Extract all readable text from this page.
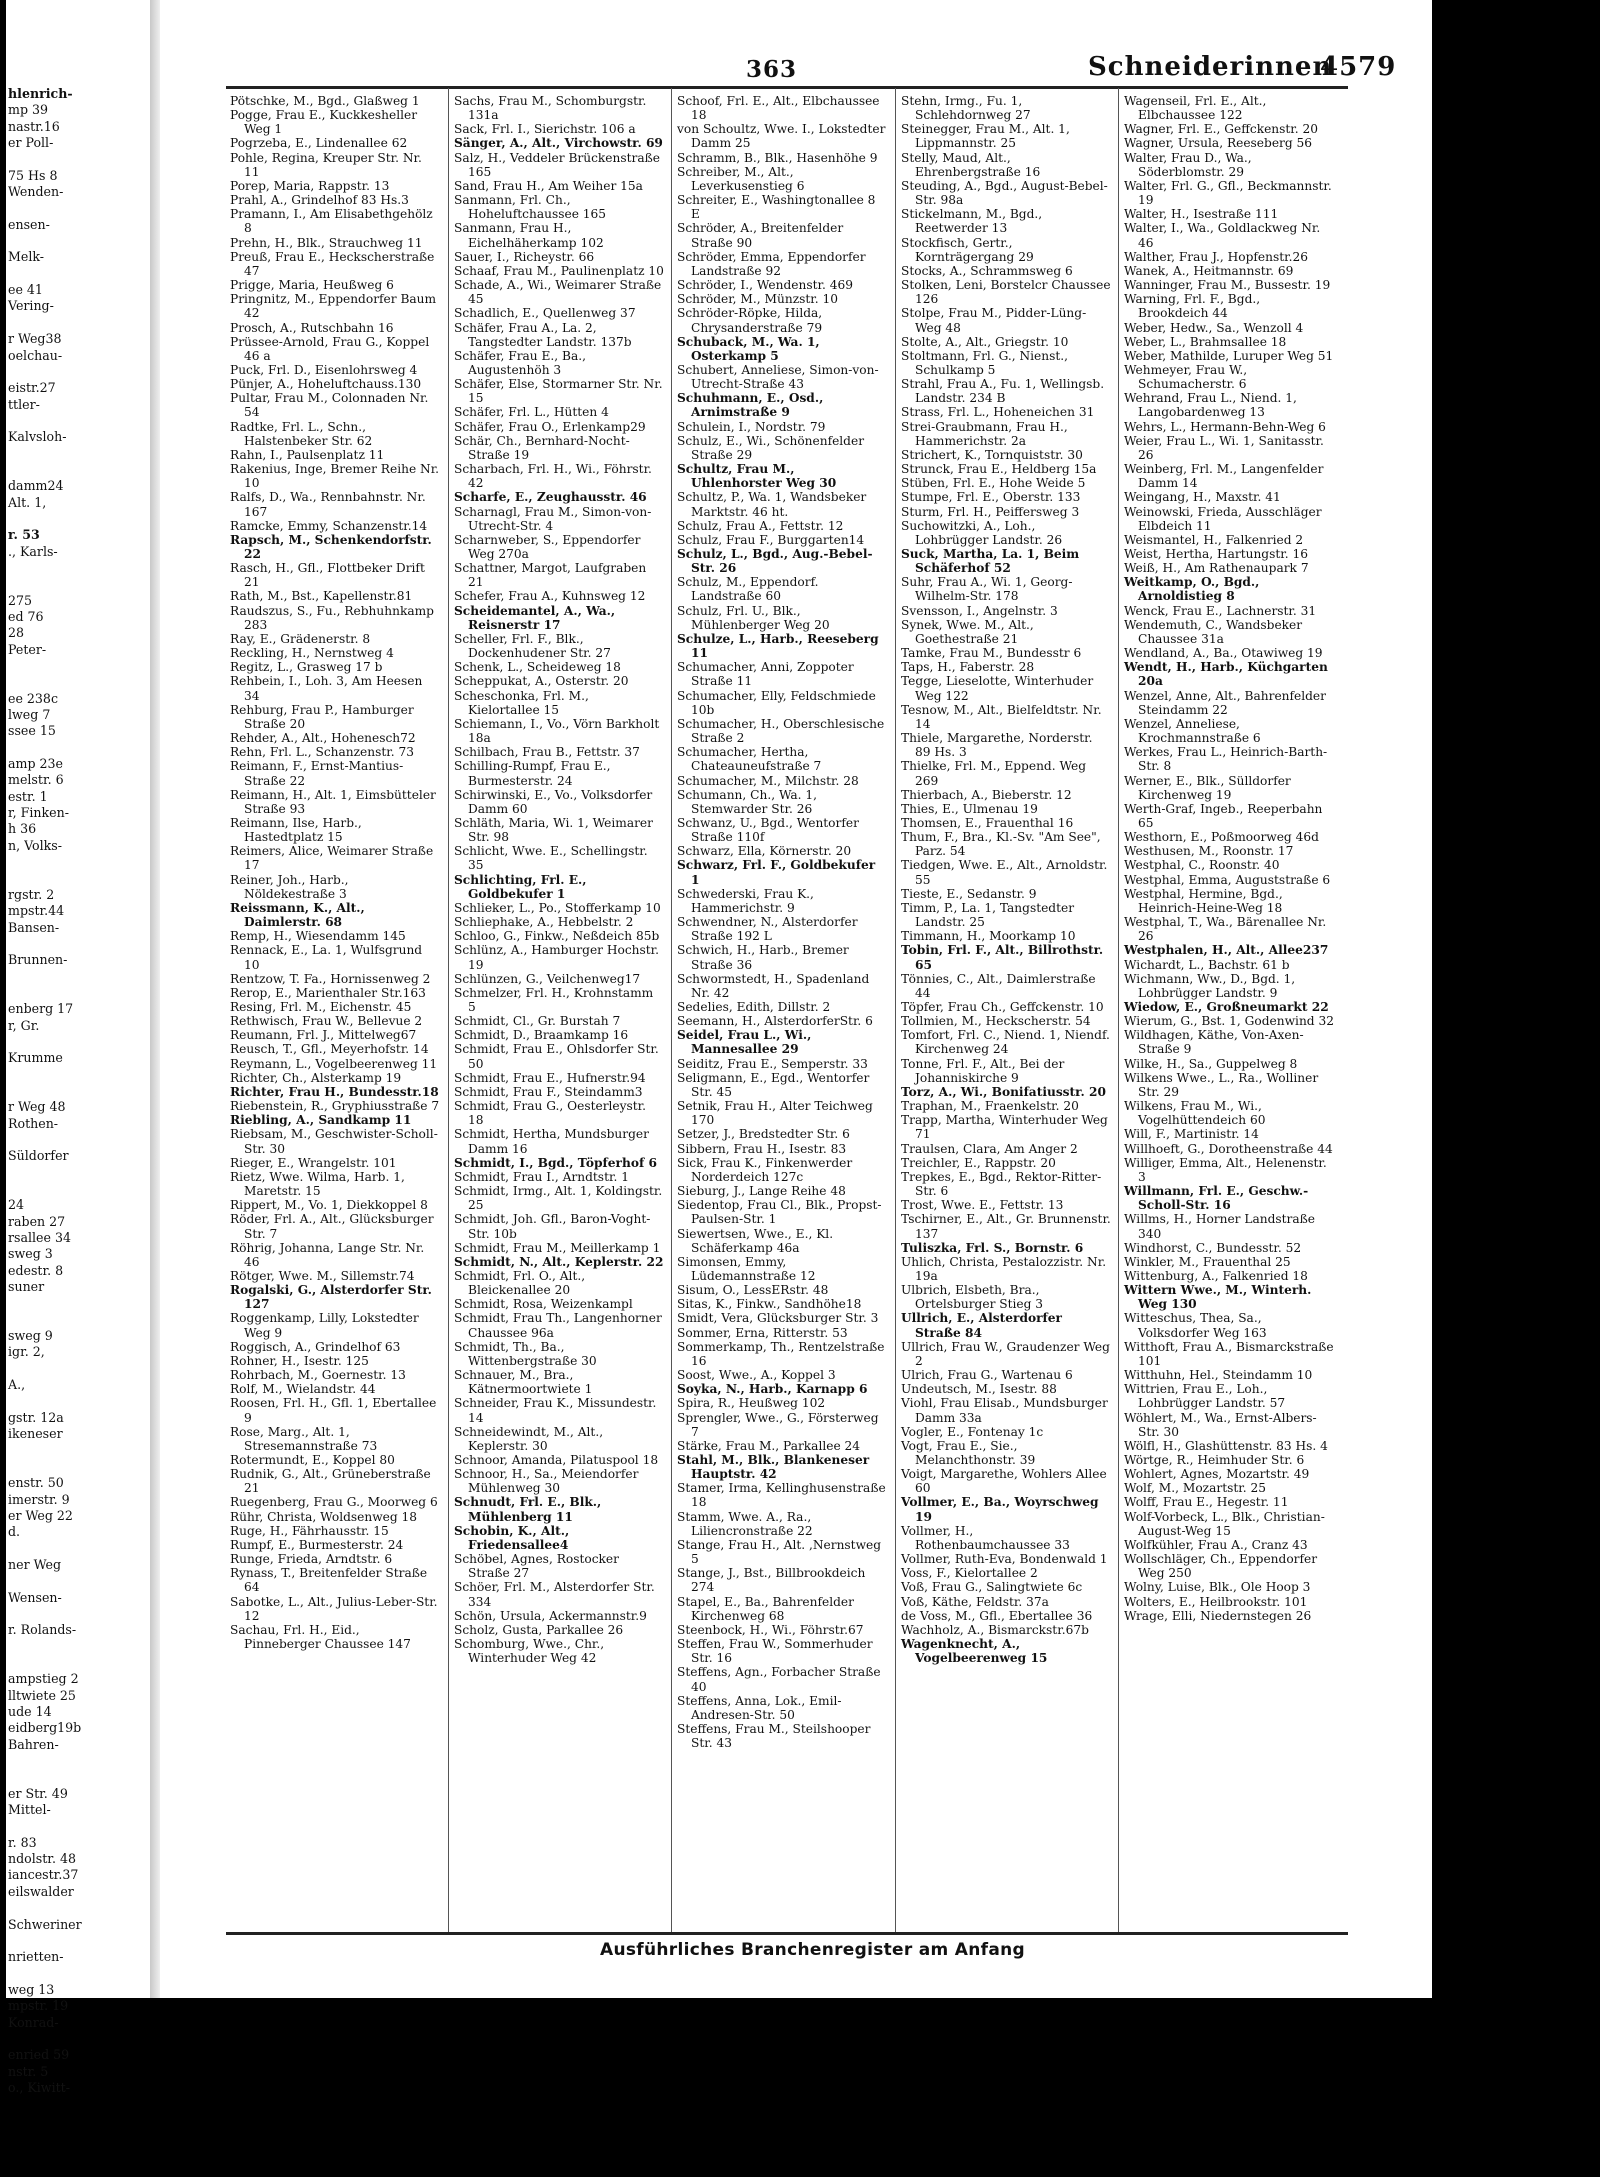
hlenrich-
mp 39
nastr.16
er Poll-

75 Hs 8
Wenden-

ensen-

Melk-

ee 41
Vering-

r Weg38
oelchau-

eistr.27
ttler-

Kalvsloh-

damm24
Alt. 1,

r. 53
., Karls-

275
ed 76
28
Peter-

ee 238c
lweg 7
ssee 15

amp 23e
melstr. 6
estr. 1
r, Finken-
h 36
n, Volks-

rgstr. 2
mpstr.44
Bansen-

Brunnen-

enberg 17
r, Gr.

Krumme

r Weg 48
Rothen-

Süldorfer

24
raben 27
rsallee 34
sweg 3
edestr. 8
suner

sweg 9
igr. 2,

A.,

gstr. 12a
ikeneser

enstr. 50
imerstr. 9
er Weg 22
d.

ner Weg

Wensen-

r. Rolands-

ampstieg 2
lltwiete 25
ude 14
eidberg19b
Bahren-

er Str. 49
Mittel-

r. 83
ndolstr. 48
iancestr.37
eilswalder

Schweriner

nrietten-

weg 13
mpstr. 19
Konrad-

enried 59
nstr. 5
o., Kiwitt-
363	Schneiderinnen
4579
Pötschke, M., Bgd., Glaßweg 1
Pogge, Frau E., Kuckkesheller Weg 1
Pogrzeba, E., Lindenallee 62
Pohle, Regina, Kreuper Str. Nr. 11
Porep, Maria, Rappstr. 13
Prahl, A., Grindelhof 83 Hs.3
Pramann, I., Am Elisabethgehölz 8
Prehn, H., Blk., Strauchweg 11
Preuß, Frau E., Heckscherstraße 47
Prigge, Maria, Heußweg 6
Pringnitz, M., Eppendorfer Baum 42
Prosch, A., Rutschbahn 16
Prüssee-Arnold, Frau G., Koppel 46 a
Puck, Frl. D., Eisenlohrsweg 4
Pünjer, A., Hoheluftchauss.130
Pultar, Frau M., Colonnaden Nr. 54
Radtke, Frl. L., Schn., Halstenbeker Str. 62
Rahn, I., Paulsenplatz 11
Rakenius, Inge, Bremer Reihe Nr. 10
Ralfs, D., Wa., Rennbahnstr. Nr. 167
Ramcke, Emmy, Schanzenstr.14
Rapsch, M., Schenkendorfstr. 22
Rasch, H., Gfl., Flottbeker Drift 21
Rath, M., Bst., Kapellenstr.81
Raudszus, S., Fu., Rebhuhnkamp 283
Ray, E., Grädenerstr. 8
Reckling, H., Nernstweg 4
Regitz, L., Grasweg 17 b
Rehbein, I., Loh. 3, Am Heesen 34
Rehburg, Frau P., Hamburger Straße 20
Rehder, A., Alt., Hohenesch72
Rehn, Frl. L., Schanzenstr. 73
Reimann, F., Ernst-Mantius-Straße 22
Reimann, H., Alt. 1, Eimsbütteler Straße 93
Reimann, Ilse, Harb., Hastedtplatz 15
Reimers, Alice, Weimarer Straße 17
Reiner, Joh., Harb., Nöldekestraße 3
Reissmann, K., Alt., Daimlerstr. 68
Remp, H., Wiesendamm 145
Rennack, E., La. 1, Wulfsgrund 10
Rentzow, T. Fa., Hornissenweg 2
Rerop, E., Marienthaler Str.163
Resing, Frl. M., Eichenstr. 45
Rethwisch, Frau W., Bellevue 2
Reumann, Frl. J., Mittelweg67
Reusch, T., Gfl., Meyerhofstr. 14
Reymann, L., Vogelbeerenweg 11
Richter, Ch., Alsterkamp 19
Richter, Frau H., Bundesstr.18
Riebenstein, R., Gryphiusstraße 7
Riebling, A., Sandkamp 11
Riebsam, M., Geschwister-Scholl-Str. 30
Rieger, E., Wrangelstr. 101
Rietz, Wwe. Wilma, Harb. 1, Maretstr. 15
Rippert, M., Vo. 1, Diekkoppel 8
Röder, Frl. A., Alt., Glücksburger Str. 7
Röhrig, Johanna, Lange Str. Nr. 46
Rötger, Wwe. M., Sillemstr.74
Rogalski, G., Alsterdorfer Str. 127
Roggenkamp, Lilly, Lokstedter Weg 9
Roggisch, A., Grindelhof 63
Rohner, H., Isestr. 125
Rohrbach, M., Goernestr. 13
Rolf, M., Wielandstr. 44
Roosen, Frl. H., Gfl. 1, Ebertallee 9
Rose, Marg., Alt. 1, Stresemannstraße 73
Rotermundt, E., Koppel 80
Rudnik, G., Alt., Grüneberstraße 21
Ruegenberg, Frau G., Moorweg 6
Rühr, Christa, Woldsenweg 18
Ruge, H., Fährhausstr. 15
Rumpf, E., Burmesterstr. 24
Runge, Frieda, Arndtstr. 6
Rynass, T., Breitenfelder Straße 64
Sabotke, L., Alt., Julius-Leber-Str. 12
Sachau, Frl. H., Eid., Pinneberger Chaussee 147
Sachs, Frau M., Schomburgstr. 131a
Sack, Frl. I., Sierichstr. 106 a
Sänger, A., Alt., Virchowstr. 69
Salz, H., Veddeler Brückenstraße 165
Sand, Frau H., Am Weiher 15a
Sanmann, Frl. Ch., Hoheluftchaussee 165
Sanmann, Frau H., Eichelhäherkamp 102
Sauer, I., Richeystr. 66
Schaaf, Frau M., Paulinenplatz 10
Schade, A., Wi., Weimarer Straße 45
Schadlich, E., Quellenweg 37
Schäfer, Frau A., La. 2, Tangstedter Landstr. 137b
Schäfer, Frau E., Ba., Augustenhöh 3
Schäfer, Else, Stormarner Str. Nr. 15
Schäfer, Frl. L., Hütten 4
Schäfer, Frau O., Erlenkamp29
Schär, Ch., Bernhard-Nocht-Straße 19
Scharbach, Frl. H., Wi., Föhrstr. 42
Scharfe, E., Zeughausstr. 46
Scharnagl, Frau M., Simon-von-Utrecht-Str. 4
Scharnweber, S., Eppendorfer Weg 270a
Schattner, Margot, Laufgraben 21
Schefer, Frau A., Kuhnsweg 12
Scheidemantel, A., Wa., Reisnerstr 17
Scheller, Frl. F., Blk., Dockenhudener Str. 27
Schenk, L., Scheideweg 18
Scheppukat, A., Osterstr. 20
Scheschonka, Frl. M., Kielortallee 15
Schiemann, I., Vo., Vörn Barkholt 18a
Schilbach, Frau B., Fettstr. 37
Schilling-Rumpf, Frau E., Burmesterstr. 24
Schirwinski, E., Vo., Volksdorfer Damm 60
Schläth, Maria, Wi. 1, Weimarer Str. 98
Schlicht, Wwe. E., Schellingstr. 35
Schlichting, Frl. E., Goldbekufer 1
Schlieker, L., Po., Stofferkamp 10
Schliephake, A., Hebbelstr. 2
Schloo, G., Finkw., Neßdeich 85b
Schlünz, A., Hamburger Hochstr. 19
Schlünzen, G., Veilchenweg17
Schmelzer, Frl. H., Krohnstamm 5
Schmidt, Cl., Gr. Burstah 7
Schmidt, D., Braamkamp 16
Schmidt, Frau E., Ohlsdorfer Str. 50
Schmidt, Frau E., Hufnerstr.94
Schmidt, Frau F., Steindamm3
Schmidt, Frau G., Oesterleystr. 18
Schmidt, Hertha, Mundsburger Damm 16
Schmidt, I., Bgd., Töpferhof 6
Schmidt, Frau I., Arndtstr. 1
Schmidt, Irmg., Alt. 1, Koldingstr. 25
Schmidt, Joh. Gfl., Baron-Voght-Str. 10b
Schmidt, Frau M., Meillerkamp 1
Schmidt, N., Alt., Keplerstr. 22
Schmidt, Frl. O., Alt., Bleickenallee 20
Schmidt, Rosa, Weizenkampl
Schmidt, Frau Th., Langenhorner Chaussee 96a
Schmidt, Th., Ba., Wittenbergstraße 30
Schnauer, M., Bra., Kätnermoortwiete 1
Schneider, Frau K., Missundestr. 14
Schneidewindt, M., Alt., Keplerstr. 30
Schnoor, Amanda, Pilatuspool 18
Schnoor, H., Sa., Meiendorfer Mühlenweg 30
Schnudt, Frl. E., Blk., Mühlenberg 11
Schobin, K., Alt., Friedensallee4
Schöbel, Agnes, Rostocker Straße 27
Schöer, Frl. M., Alsterdorfer Str. 334
Schön, Ursula, Ackermannstr.9
Scholz, Gusta, Parkallee 26
Schomburg, Wwe., Chr., Winterhuder Weg 42
Schoof, Frl. E., Alt., Elbchaussee 18
von Schoultz, Wwe. I., Lokstedter Damm 25
Schramm, B., Blk., Hasenhöhe 9
Schreiber, M., Alt., Leverkusenstieg 6
Schreiter, E., Washingtonallee 8 E
Schröder, A., Breitenfelder Straße 90
Schröder, Emma, Eppendorfer Landstraße 92
Schröder, I., Wendenstr. 469
Schröder, M., Münzstr. 10
Schröder-Röpke, Hilda, Chrysanderstraße 79
Schuback, M., Wa. 1, Osterkamp 5
Schubert, Anneliese, Simon-von-Utrecht-Straße 43
Schuhmann, E., Osd., Arnimstraße 9
Schulein, I., Nordstr. 79
Schulz, E., Wi., Schönenfelder Straße 29
Schultz, Frau M., Uhlenhorster Weg 30
Schultz, P., Wa. 1, Wandsbeker Marktstr. 46 ht.
Schulz, Frau A., Fettstr. 12
Schulz, Frau F., Burggarten14
Schulz, L., Bgd., Aug.-Bebel-Str. 26
Schulz, M., Eppendorf. Landstraße 60
Schulz, Frl. U., Blk., Mühlenberger Weg 20
Schulze, L., Harb., Reeseberg 11
Schumacher, Anni, Zoppoter Straße 11
Schumacher, Elly, Feldschmiede 10b
Schumacher, H., Oberschlesische Straße 2
Schumacher, Hertha, Chateauneufstraße 7
Schumacher, M., Milchstr. 28
Schumann, Ch., Wa. 1, Stemwarder Str. 26
Schwanz, U., Bgd., Wentorfer Straße 110f
Schwarz, Ella, Körnerstr. 20
Schwarz, Frl. F., Goldbekufer 1
Schwederski, Frau K., Hammerichstr. 9
Schwendner, N., Alsterdorfer Straße 192 L
Schwich, H., Harb., Bremer Straße 36
Schwormstedt, H., Spadenland Nr. 42
Sedelies, Edith, Dillstr. 2
Seemann, H., AlsterdorferStr. 6
Seidel, Frau L., Wi., Mannesallee 29
Seiditz, Frau E., Semperstr. 33
Seligmann, E., Egd., Wentorfer Str. 45
Setnik, Frau H., Alter Teichweg 170
Setzer, J., Bredstedter Str. 6
Sibbern, Frau H., Isestr. 83
Sick, Frau K., Finkenwerder Norderdeich 127c
Sieburg, J., Lange Reihe 48
Siedentop, Frau Cl., Blk., Propst-Paulsen-Str. 1
Siewertsen, Wwe., E., Kl. Schäferkamp 46a
Simonsen, Emmy, Lüdemannstraße 12
Sisum, O., LessERstr. 48
Sitas, K., Finkw., Sandhöhe18
Smidt, Vera, Glücksburger Str. 3
Sommer, Erna, Ritterstr. 53
Sommerkamp, Th., Rentzelstraße 16
Soost, Wwe., A., Koppel 3
Soyka, N., Harb., Karnapp 6
Spira, R., Heußweg 102
Sprengler, Wwe., G., Försterweg 7
Stärke, Frau M., Parkallee 24
Stahl, M., Blk., Blankeneser Hauptstr. 42
Stamer, Irma, Kellinghusenstraße 18
Stamm, Wwe. A., Ra., Liliencronstraße 22
Stange, Frau H., Alt. ,Nernstweg 5
Stange, J., Bst., Billbrookdeich 274
Stapel, E., Ba., Bahrenfelder Kirchenweg 68
Steenbock, H., Wi., Föhrstr.67
Steffen, Frau W., Sommerhuder Str. 16
Steffens, Agn., Forbacher Straße 40
Steffens, Anna, Lok., Emil-Andresen-Str. 50
Steffens, Frau M., Steilshooper Str. 43
Stehn, Irmg., Fu. 1, Schlehdornweg 27
Steinegger, Frau M., Alt. 1, Lippmannstr. 25
Stelly, Maud, Alt., Ehrenbergstraße 16
Steuding, A., Bgd., August-Bebel-Str. 98a
Stickelmann, M., Bgd., Reetwerder 13
Stockfisch, Gertr., Kornträgergang 29
Stocks, A., Schrammsweg 6
Stolken, Leni, Borstelcr Chaussee 126
Stolpe, Frau M., Pidder-Lüng-Weg 48
Stolte, A., Alt., Griegstr. 10
Stoltmann, Frl. G., Nienst., Schulkamp 5
Strahl, Frau A., Fu. 1, Wellingsb. Landstr. 234 B
Strass, Frl. L., Hoheneichen 31
Strei-Graubmann, Frau H., Hammerichstr. 2a
Strichert, K., Tornquiststr. 30
Strunck, Frau E., Heldberg 15a
Stüben, Frl. E., Hohe Weide 5
Stumpe, Frl. E., Oberstr. 133
Sturm, Frl. H., Peiffersweg 3
Suchowitzki, A., Loh., Lohbrügger Landstr. 26
Suck, Martha, La. 1, Beim Schäferhof 52
Suhr, Frau A., Wi. 1, Georg-Wilhelm-Str. 178
Svensson, I., Angelnstr. 3
Synek, Wwe. M., Alt., Goethestraße 21
Tamke, Frau M., Bundesstr 6
Taps, H., Faberstr. 28
Tegge, Lieselotte, Winterhuder Weg 122
Tesnow, M., Alt., Bielfeldtstr. Nr. 14
Thiele, Margarethe, Norderstr. 89 Hs. 3
Thielke, Frl. M., Eppend. Weg 269
Thierbach, A., Bieberstr. 12
Thies, E., Ulmenau 19
Thomsen, E., Frauenthal 16
Thum, F., Bra., Kl.-Sv. "Am See", Parz. 54
Tiedgen, Wwe. E., Alt., Arnoldstr. 55
Tieste, E., Sedanstr. 9
Timm, P., La. 1, Tangstedter Landstr. 25
Timmann, H., Moorkamp 10
Tobin, Frl. F., Alt., Billrothstr. 65
Tönnies, C., Alt., Daimlerstraße 44
Töpfer, Frau Ch., Geffckenstr. 10
Tollmien, M., Heckscherstr. 54
Tomfort, Frl. C., Niend. 1, Niendf. Kirchenweg 24
Tonne, Frl. F., Alt., Bei der Johanniskirche 9
Torz, A., Wi., Bonifatiusstr. 20
Traphan, M., Fraenkelstr. 20
Trapp, Martha, Winterhuder Weg 71
Traulsen, Clara, Am Anger 2
Treichler, E., Rappstr. 20
Trepkes, E., Bgd., Rektor-Ritter-Str. 6
Trost, Wwe. E., Fettstr. 13
Tschirner, E., Alt., Gr. Brunnenstr. 137
Tuliszka, Frl. S., Bornstr. 6
Uhlich, Christa, Pestalozzistr. Nr. 19a
Ulbrich, Elsbeth, Bra., Ortelsburger Stieg 3
Ullrich, E., Alsterdorfer Straße 84
Ullrich, Frau W., Graudenzer Weg 2
Ulrich, Frau G., Wartenau 6
Undeutsch, M., Isestr. 88
Viohl, Frau Elisab., Mundsburger Damm 33a
Vogler, E., Fontenay 1c
Vogt, Frau E., Sie., Melanchthonstr. 39
Voigt, Margarethe, Wohlers Allee 60
Vollmer, E., Ba., Woyrschweg 19
Vollmer, H., Rothenbaumchaussee 33
Vollmer, Ruth-Eva, Bondenwald 1
Voss, F., Kielortallee 2
Voß, Frau G., Salingtwiete 6c
Voß, Käthe, Feldstr. 37a
de Voss, M., Gfl., Ebertallee 36
Wachholz, A., Bismarckstr.67b
Wagenknecht, A., Vogelbeerenweg 15
Wagenseil, Frl. E., Alt., Elbchaussee 122
Wagner, Frl. E., Geffckenstr. 20
Wagner, Ursula, Reeseberg 56
Walter, Frau D., Wa., Söderblomstr. 29
Walter, Frl. G., Gfl., Beckmannstr. 19
Walter, H., Isestraße 111
Walter, I., Wa., Goldlackweg Nr. 46
Walther, Frau J., Hopfenstr.26
Wanek, A., Heitmannstr. 69
Wanninger, Frau M., Bussestr. 19
Warning, Frl. F., Bgd., Brookdeich 44
Weber, Hedw., Sa., Wenzoll 4
Weber, L., Brahmsallee 18
Weber, Mathilde, Luruper Weg 51
Wehmeyer, Frau W., Schumacherstr. 6
Wehrand, Frau L., Niend. 1, Langobardenweg 13
Wehrs, L., Hermann-Behn-Weg 6
Weier, Frau L., Wi. 1, Sanitasstr. 26
Weinberg, Frl. M., Langenfelder Damm 14
Weingang, H., Maxstr. 41
Weinowski, Frieda, Ausschläger Elbdeich 11
Weismantel, H., Falkenried 2
Weist, Hertha, Hartungstr. 16
Weiß, H., Am Rathenaupark 7
Weitkamp, O., Bgd., Arnoldistieg 8
Wenck, Frau E., Lachnerstr. 31
Wendemuth, C., Wandsbeker Chaussee 31a
Wendland, A., Ba., Otawiweg 19
Wendt, H., Harb., Küchgarten 20a
Wenzel, Anne, Alt., Bahrenfelder Steindamm 22
Wenzel, Anneliese, Krochmannstraße 6
Werkes, Frau L., Heinrich-Barth-Str. 8
Werner, E., Blk., Sülldorfer Kirchenweg 19
Werth-Graf, Ingeb., Reeperbahn 65
Westhorn, E., Poßmoorweg 46d
Westhusen, M., Roonstr. 17
Westphal, C., Roonstr. 40
Westphal, Emma, Auguststraße 6
Westphal, Hermine, Bgd., Heinrich-Heine-Weg 18
Westphal, T., Wa., Bärenallee Nr. 26
Westphalen, H., Alt., Allee237
Wichardt, L., Bachstr. 61 b
Wichmann, Ww., D., Bgd. 1, Lohbrügger Landstr. 9
Wiedow, E., Großneumarkt 22
Wierum, G., Bst. 1, Godenwind 32
Wildhagen, Käthe, Von-Axen-Straße 9
Wilke, H., Sa., Guppelweg 8
Wilkens Wwe., L., Ra., Wolliner Str. 29
Wilkens, Frau M., Wi., Vogelhüttendeich 60
Will, F., Martinistr. 14
Willhoeft, G., Dorotheenstraße 44
Williger, Emma, Alt., Helenenstr. 3
Willmann, Frl. E., Geschw.-Scholl-Str. 16
Willms, H., Horner Landstraße 340
Windhorst, C., Bundesstr. 52
Winkler, M., Frauenthal 25
Wittenburg, A., Falkenried 18
Wittern Wwe., M., Winterh. Weg 130
Witteschus, Thea, Sa., Volksdorfer Weg 163
Witthoft, Frau A., Bismarckstraße 101
Witthuhn, Hel., Steindamm 10
Wittrien, Frau E., Loh., Lohbrügger Landstr. 57
Wöhlert, M., Wa., Ernst-Albers-Str. 30
Wölfl, H., Glashüttenstr. 83 Hs. 4
Wörtge, R., Heimhuder Str. 6
Wohlert, Agnes, Mozartstr. 49
Wolf, M., Mozartstr. 25
Wolff, Frau E., Hegestr. 11
Wolf-Vorbeck, L., Blk., Christian-August-Weg 15
Wolfkühler, Frau A., Cranz 43
Wollschläger, Ch., Eppendorfer Weg 250
Wolny, Luise, Blk., Ole Hoop 3
Wolters, E., Heilbrookstr. 101
Wrage, Elli, Niedernstegen 26
Ausführliches Branchenregister am Anfang
